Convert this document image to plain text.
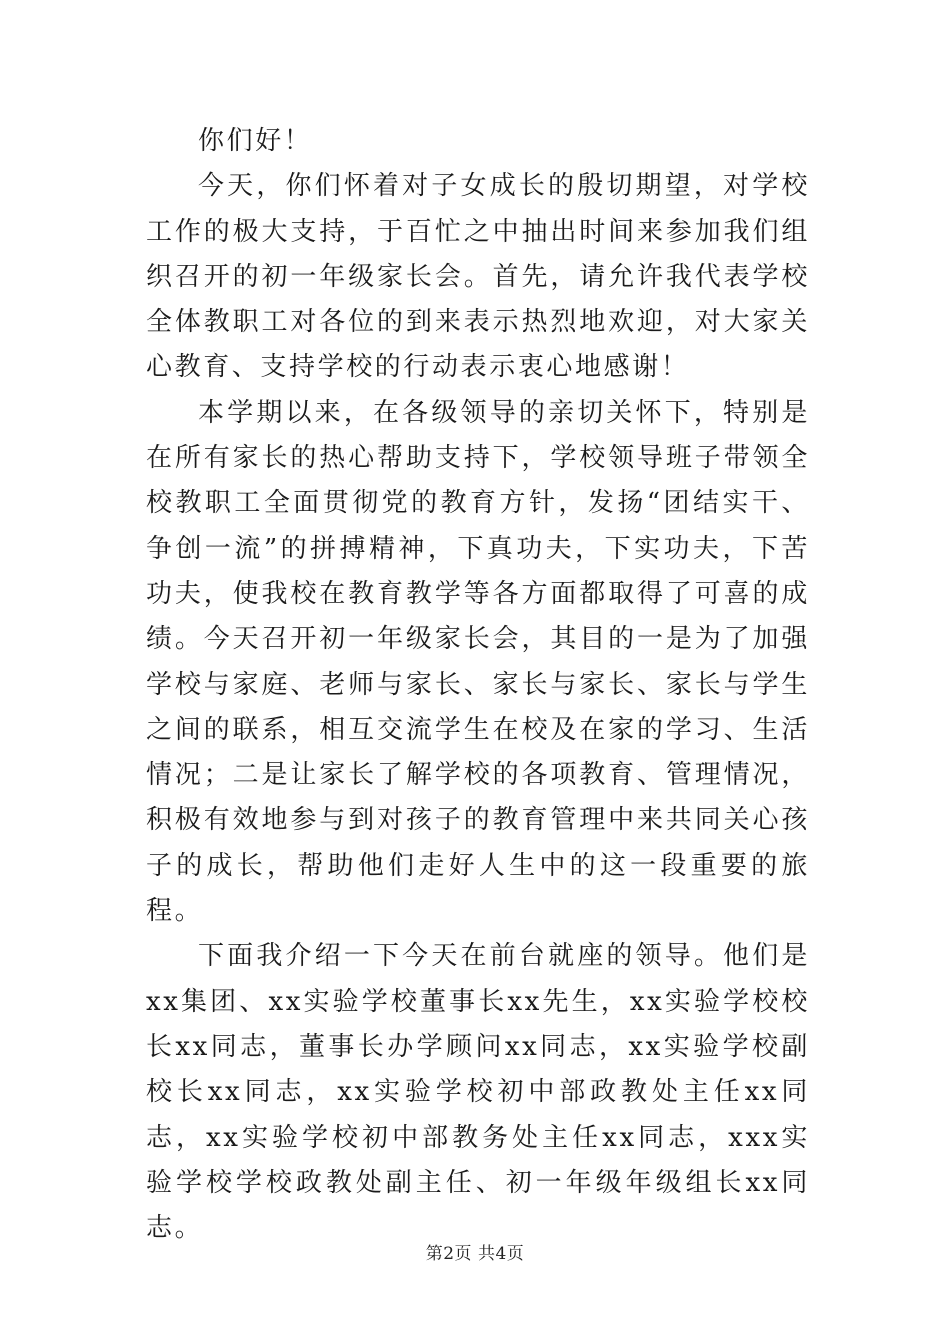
你们好！

今天，你们怀着对子女成长的殷切期望，对学校工作的极大支持，于百忙之中抽出时间来参加我们组织召开的初一年级家长会。首先，请允许我代表学校全体教职工对各位的到来表示热烈地欢迎，对大家关心教育、支持学校的行动表示衷心地感谢！

本学期以来，在各级领导的亲切关怀下，特别是在所有家长的热心帮助支持下，学校领导班子带领全校教职工全面贯彻党的教育方针，发扬“团结实干、争创一流”的拼搏精神，下真功夫，下实功夫，下苦功夫，使我校在教育教学等各方面都取得了可喜的成绩。今天召开初一年级家长会，其目的一是为了加强学校与家庭、老师与家长、家长与家长、家长与学生之间的联系，相互交流学生在校及在家的学习、生活情况；二是让家长了解学校的各项教育、管理情况，积极有效地参与到对孩子的教育管理中来共同关心孩子的成长，帮助他们走好人生中的这一段重要的旅程。

下面我介绍一下今天在前台就座的领导。他们是xx集团、xx实验学校董事长xx先生，xx实验学校校长xx同志，董事长办学顾问xx同志，xx实验学校副校长xx同志，xx实验学校初中部政教处主任xx同志，xx实验学校初中部教务处主任xx同志，xxx实验学校学校政教处副主任、初一年级年级组长xx同志。

第2页 共4页
